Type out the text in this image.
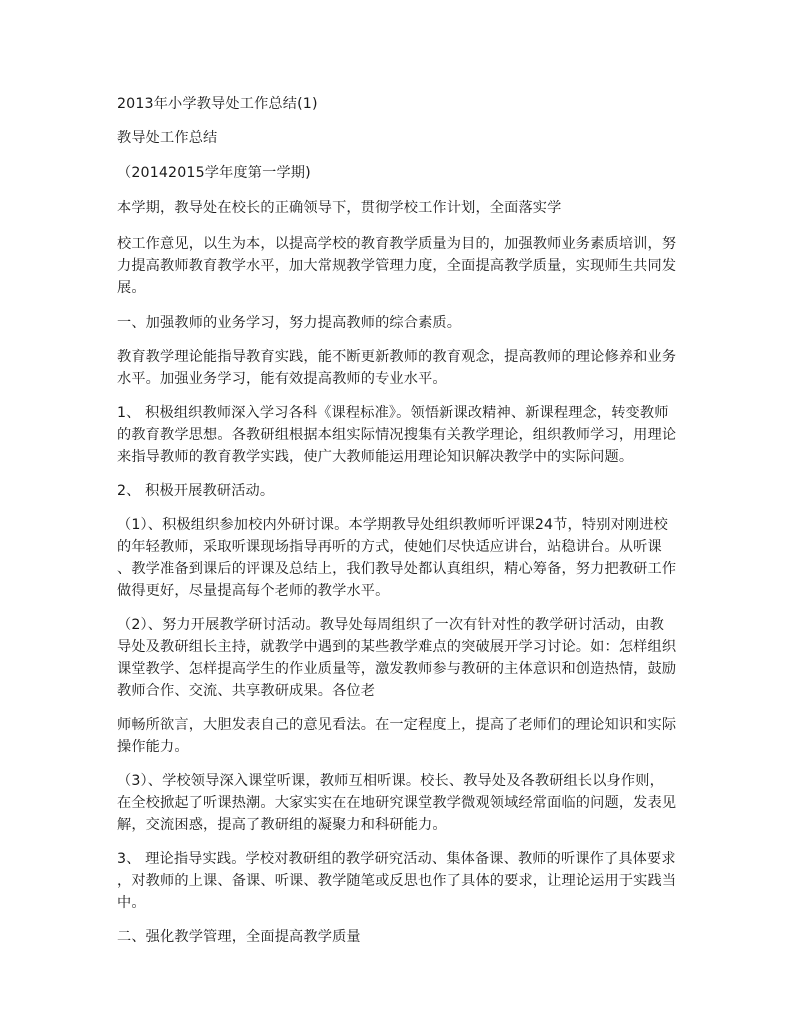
2013年小学教导处工作总结(1)
教导处工作总结
（20142015学年度第一学期)
本学期，教导处在校长的正确领导下，贯彻学校工作计划，全面落实学
校工作意见，以生为本，以提高学校的教育教学质量为目的，加强教师业务素质培训，努
力提高教师教育教学水平，加大常规教学管理力度，全面提高教学质量，实现师生共同发
展。
一、加强教师的业务学习，努力提高教师的综合素质。
教育教学理论能指导教育实践，能不断更新教师的教育观念，提高教师的理论修养和业务
水平。加强业务学习，能有效提高教师的专业水平。
1、 积极组织教师深入学习各科《课程标准》。领悟新课改精神、新课程理念，转变教师
的教育教学思想。各教研组根据本组实际情况搜集有关教学理论，组织教师学习，用理论
来指导教师的教育教学实践，使广大教师能运用理论知识解决教学中的实际问题。
2、 积极开展教研活动。
（1）、积极组织参加校内外研讨课。本学期教导处组织教师听评课24节，特别对刚进校
的年轻教师，采取听课现场指导再听的方式，使她们尽快适应讲台，站稳讲台。从听课
、教学准备到课后的评课及总结上，我们教导处都认真组织，精心筹备，努力把教研工作
做得更好，尽量提高每个老师的教学水平。
（2）、努力开展教学研讨活动。教导处每周组织了一次有针对性的教学研讨活动，由教
导处及教研组长主持，就教学中遇到的某些教学难点的突破展开学习讨论。如：怎样组织
课堂教学、怎样提高学生的作业质量等，激发教师参与教研的主体意识和创造热情，鼓励
教师合作、交流、共享教研成果。各位老
师畅所欲言，大胆发表自己的意见看法。在一定程度上，提高了老师们的理论知识和实际
操作能力。
（3）、学校领导深入课堂听课，教师互相听课。校长、教导处及各教研组长以身作则，
在全校掀起了听课热潮。大家实实在在地研究课堂教学微观领域经常面临的问题，发表见
解，交流困惑，提高了教研组的凝聚力和科研能力。
3、 理论指导实践。学校对教研组的教学研究活动、集体备课、教师的听课作了具体要求
，对教师的上课、备课、听课、教学随笔或反思也作了具体的要求，让理论运用于实践当
中。
二、强化教学管理，全面提高教学质量
